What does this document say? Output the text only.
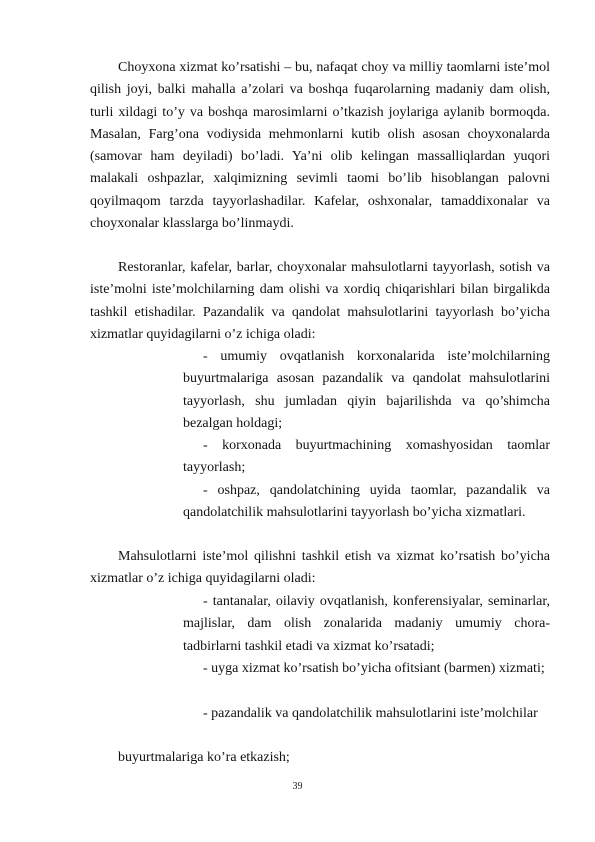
Choyxona xizmat ko’rsatishi – bu, nafaqat choy va milliy taomlarni iste’mol qilish joyi, balki mahalla a’zolari va boshqa fuqarolarning madaniy dam olish, turli xildagi to’y va boshqa marosimlarni o’tkazish joylariga aylanib bormoqda. Masalan, Farg’ona vodiysida mehmonlarni kutib olish asosan choyxonalarda (samovar ham deyiladi) bo’ladi. Ya’ni olib kelingan massalliqlardan yuqori malakali oshpazlar, xalqimizning sevimli taomi bo’lib hisoblangan palovni qoyilmaqom tarzda tayyorlashadilar. Kafelar, oshxonalar, tamaddixonalar va choyxonalar klasslarga bo’linmaydi.
Restoranlar, kafelar, barlar, choyxonalar mahsulotlarni tayyorlash, sotish va iste’molni iste’molchilarning dam olishi va xordiq chiqarishlari bilan birgalikda tashkil etishadilar. Pazandalik va qandolat mahsulotlarini tayyorlash bo’yicha xizmatlar quyidagilarni o’z ichiga oladi:
- umumiy ovqatlanish korxonalarida iste’molchilarning buyurtmalariga asosan pazandalik va qandolat mahsulotlarini tayyorlash, shu jumladan qiyin bajarilishda va qo’shimcha bezalgan holdagi;
- korxonada buyurtmachining xomashyosidan taomlar tayyorlash;
- oshpaz, qandolatchining uyida taomlar, pazandalik va qandolatchilik mahsulotlarini tayyorlash bo’yicha xizmatlari.
Mahsulotlarni iste’mol qilishni tashkil etish va xizmat ko’rsatish bo’yicha xizmatlar o’z ichiga quyidagilarni oladi:
- tantanalar, oilaviy ovqatlanish, konferensiyalar, seminarlar, majlislar, dam olish zonalarida madaniy umumiy chora-tadbirlarni tashkil etadi va xizmat ko’rsatadi;
- uyga xizmat ko’rsatish bo’yicha ofitsiant (barmen) xizmati;
- pazandalik va qandolatchilik mahsulotlarini iste’molchilar
buyurtmalariga ko’ra etkazish;
39
